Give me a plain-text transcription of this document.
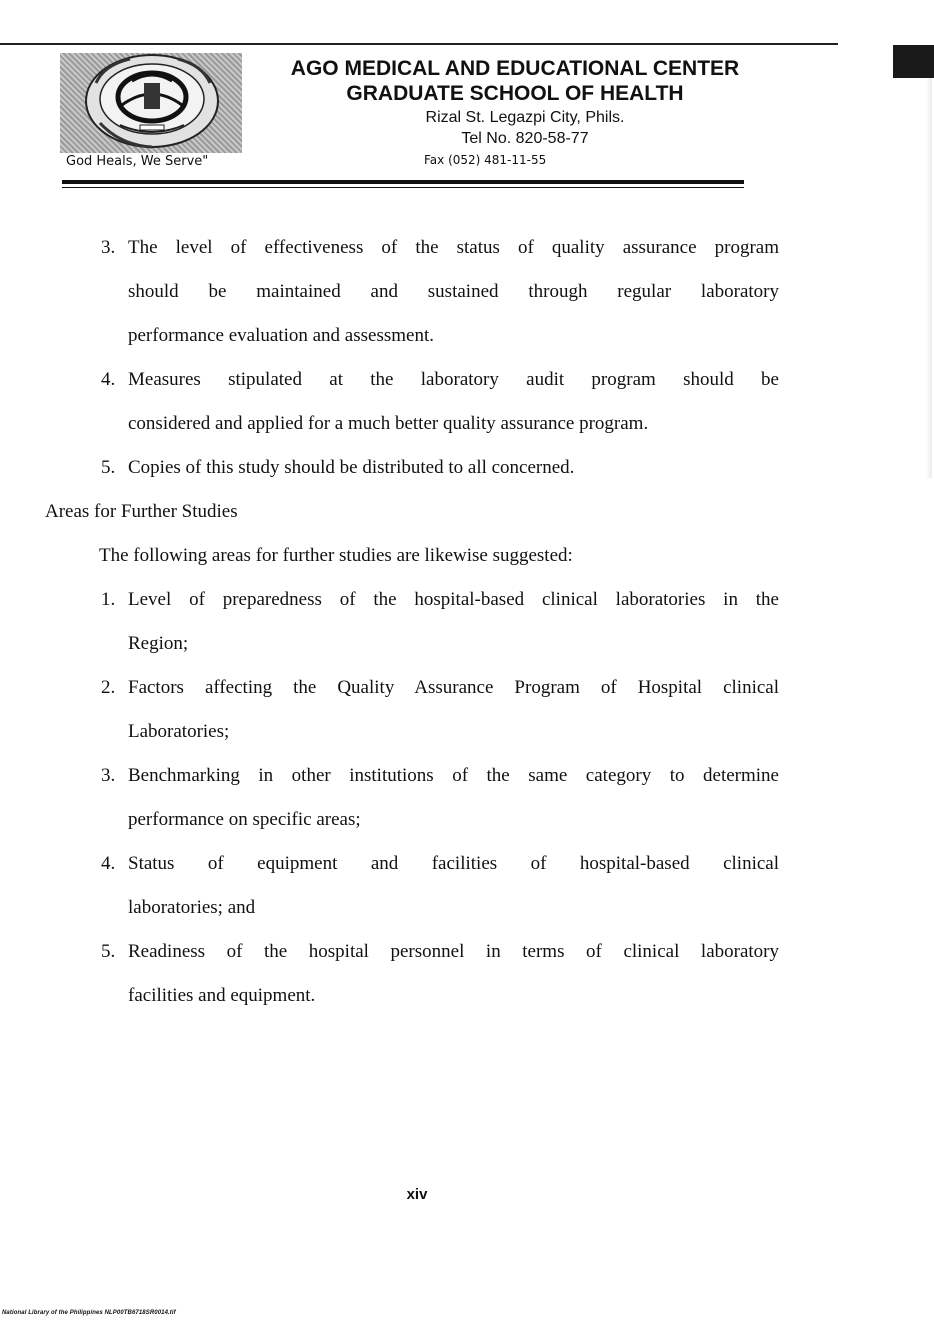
God Heals, We Serve"
AGO MEDICAL AND EDUCATIONAL CENTER
GRADUATE SCHOOL OF HEALTH
Rizal St. Legazpi City, Phils.
Tel No. 820-58-77
Fax (052) 481-11-55
3. The level of effectiveness of the status of quality assurance program
should be maintained and sustained through regular laboratory
performance evaluation and assessment.
4. Measures stipulated at the laboratory audit program should be
considered and applied for a much better quality assurance program.
5. Copies of this study should be distributed to all concerned.
Areas for Further Studies
The following areas for further studies are likewise suggested:
1. Level of preparedness of the hospital-based clinical laboratories in the
Region;
2. Factors affecting the Quality Assurance Program of Hospital clinical
Laboratories;
3. Benchmarking in other institutions of the same category to determine
performance on specific areas;
4. Status of equipment and facilities of hospital-based clinical
laboratories; and
5. Readiness of the hospital personnel in terms of clinical laboratory
facilities and equipment.
xiv
National Library of the Philippines NLP00TB6718SR0014.tif
